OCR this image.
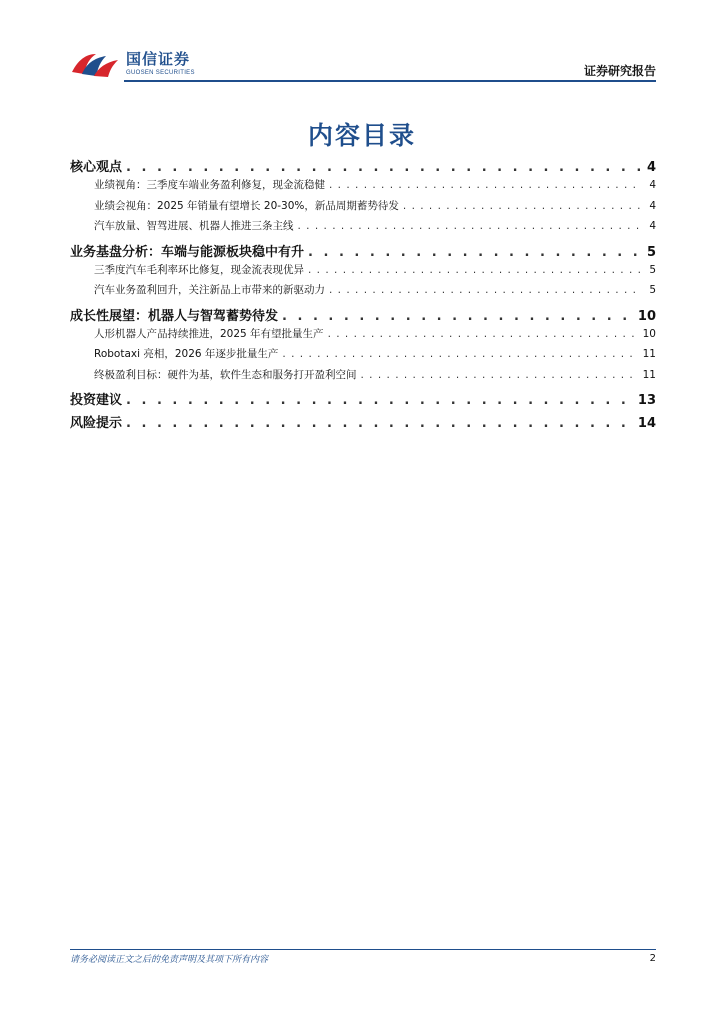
国信证券
GUOSEN SECURITIES	证券研究报告
内容目录
核心观点 . . .	4
业绩视角：三季度车端业务盈利修复，现金流稳健 . . .	4
业绩会视角：2025 年销量有望增长 20-30%，新品周期蓄势待发 . . .	4
汽车放量、智驾进展、机器人推进三条主线 . . .	4
业务基盘分析：车端与能源板块稳中有升 . . .	5
三季度汽车毛利率环比修复，现金流表现优异 . . .	5
汽车业务盈利回升，关注新品上市带来的新驱动力 . . .	5
成长性展望：机器人与智驾蓄势待发 . . .	10
人形机器人产品持续推进，2025 年有望批量生产 . . .	10
Robotaxi 亮相，2026 年逐步批量生产 . . .	11
终极盈利目标：硬件为基，软件生态和服务打开盈利空间 . . .	11
投资建议 . . .	13
风险提示 . . .	14
请务必阅读正文之后的免责声明及其项下所有内容	2
